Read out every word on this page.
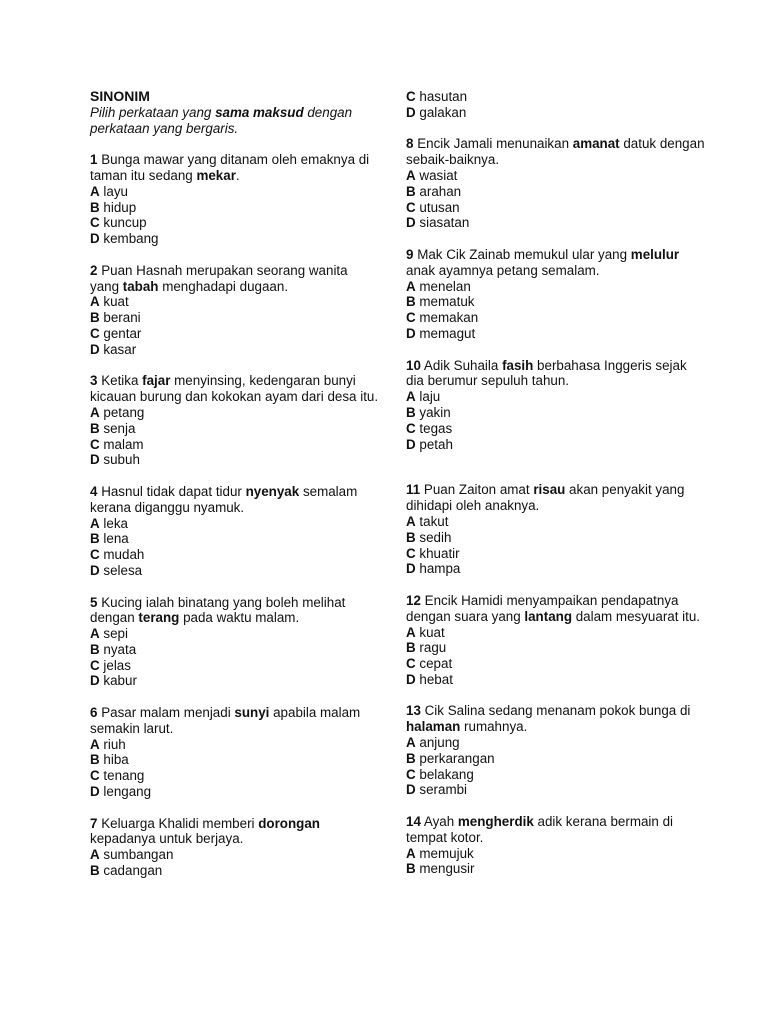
SINONIM
Pilih perkataan yang sama maksud dengan perkataan yang bergaris.
1 Bunga mawar yang ditanam oleh emaknya di taman itu sedang mekar.
A layu
B hidup
C kuncup
D kembang
2 Puan Hasnah merupakan seorang wanita yang tabah menghadapi dugaan.
A kuat
B berani
C gentar
D kasar
3 Ketika fajar menyinsing, kedengaran bunyi kicauan burung dan kokokan ayam dari desa itu.
A petang
B senja
C malam
D subuh
4 Hasnul tidak dapat tidur nyenyak semalam kerana diganggu nyamuk.
A leka
B lena
C mudah
D selesa
5 Kucing ialah binatang yang boleh melihat dengan terang pada waktu malam.
A sepi
B nyata
C jelas
D kabur
6 Pasar malam menjadi sunyi apabila malam semakin larut.
A riuh
B hiba
C tenang
D lengang
7 Keluarga Khalidi memberi dorongan kepadanya untuk berjaya.
A sumbangan
B cadangan
C hasutan
D galakan
8 Encik Jamali menunaikan amanat datuk dengan sebaik-baiknya.
A wasiat
B arahan
C utusan
D siasatan
9 Mak Cik Zainab memukul ular yang melulur anak ayamnya petang semalam.
A menelan
B mematuk
C memakan
D memagut
10 Adik Suhaila fasih berbahasa Inggeris sejak dia berumur sepuluh tahun.
A laju
B yakin
C tegas
D petah
11 Puan Zaiton amat risau akan penyakit yang dihidapi oleh anaknya.
A takut
B sedih
C khuatir
D hampa
12 Encik Hamidi menyampaikan pendapatnya dengan suara yang lantang dalam mesyuarat itu.
A kuat
B ragu
C cepat
D hebat
13 Cik Salina sedang menanam pokok bunga di halaman rumahnya.
A anjung
B perkarangan
C belakang
D serambi
14 Ayah mengherdik adik kerana bermain di tempat kotor.
A memujuk
B mengusir
